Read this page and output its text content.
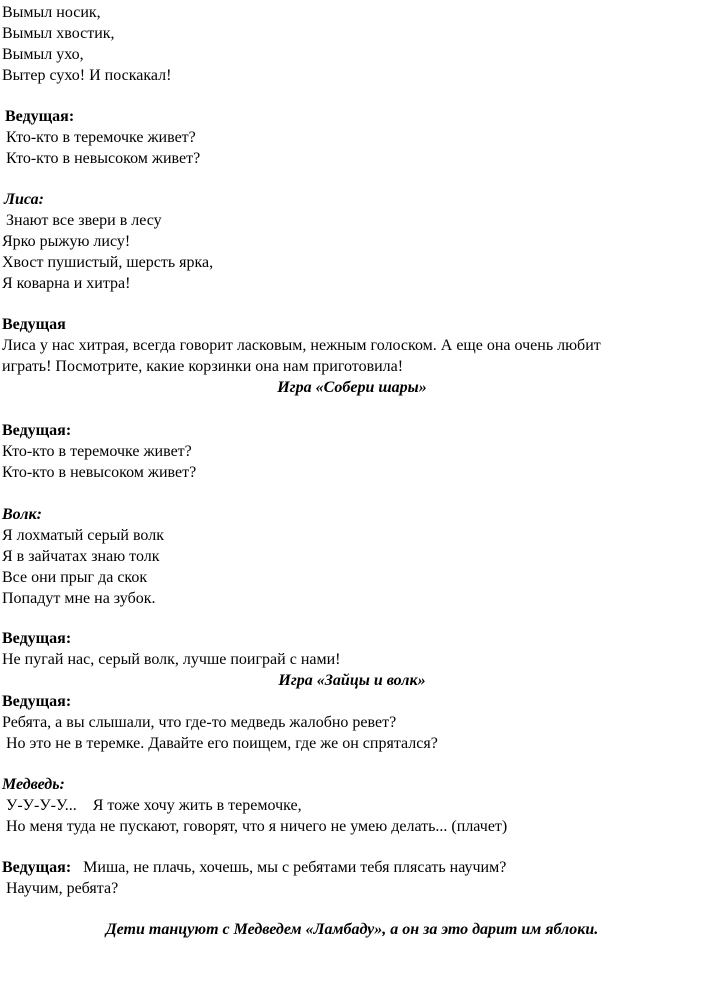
Вымыл носик,
Вымыл хвостик,
Вымыл ухо,
Вытер сухо! И поскакал!
Ведущая:
Кто-кто в теремочке живет?
Кто-кто в невысоком живет?
Лиса:
Знают все звери в лесу
Ярко рыжую лису!
Хвост пушистый, шерсть ярка,
Я коварна и хитра!
Ведущая
Лиса у нас хитрая, всегда говорит ласковым, нежным голоском. А еще она очень любит
играть! Посмотрите, какие корзинки она нам приготовила!
Игра «Собери шары»
Ведущая:
Кто-кто в теремочке живет?
Кто-кто в невысоком живет?
Волк:
Я лохматый серый волк
Я в зайчатах знаю толк
Все они прыг да скок
Попадут мне на зубок.
Ведущая:
Не пугай нас, серый волк, лучше поиграй с нами!
Игра «Зайцы и волк»
Ведущая:
Ребята, а вы слышали, что где-то медведь жалобно ревет?
Но это не в теремке. Давайте его поищем, где же он спрятался?
Медведь:
У-У-У-У...    Я тоже хочу жить в теремочке,
Но меня туда не пускают, говорят, что я ничего не умею делать... (плачет)
Ведущая:   Миша, не плачь, хочешь, мы с ребятами тебя плясать научим?
Научим, ребята?
Дети танцуют с Медведем «Ламбаду», а он за это дарит им яблоки.
